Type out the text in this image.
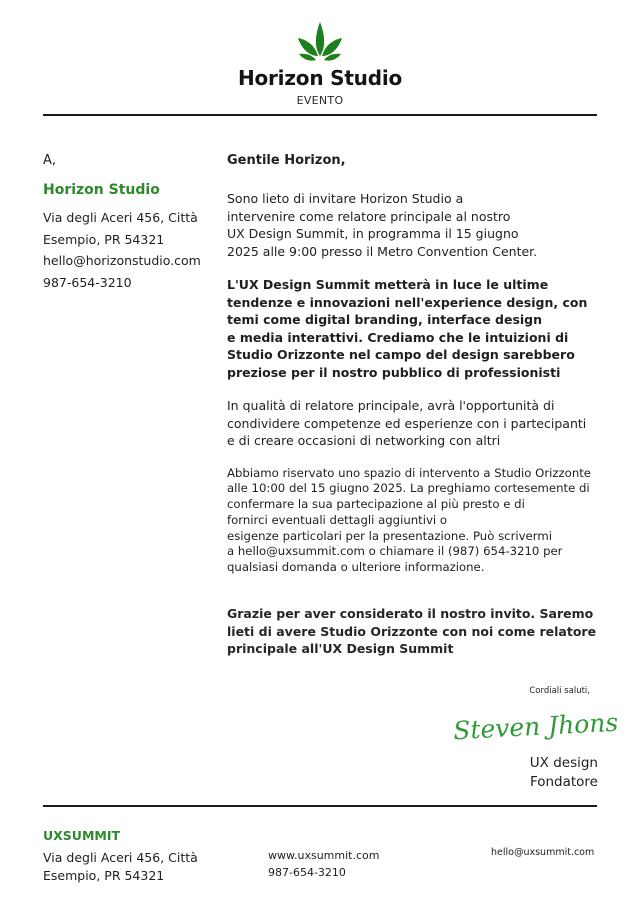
Horizon Studio
EVENTO
A,
Horizon Studio
Via degli Aceri 456, Città
Esempio, PR 54321
hello@horizonstudio.com
987-654-3210
Gentile Horizon,
Sono lieto di invitare Horizon Studio a
intervenire come relatore principale al nostro
UX Design Summit, in programma il 15 giugno
2025 alle 9:00 presso il Metro Convention Center.
L'UX Design Summit metterà in luce le ultime
tendenze e innovazioni nell'experience design, con
temi come digital branding, interface design
e media interattivi. Crediamo che le intuizioni di
Studio Orizzonte nel campo del design sarebbero
preziose per il nostro pubblico di professionisti
In qualità di relatore principale, avrà l'opportunità di
condividere competenze ed esperienze con i partecipanti
e di creare occasioni di networking con altri
Abbiamo riservato uno spazio di intervento a Studio Orizzonte
alle 10:00 del 15 giugno 2025. La preghiamo cortesemente di
confermare la sua partecipazione al più presto e di
fornirci eventuali dettagli aggiuntivi o
esigenze particolari per la presentazione. Può scrivermi
a hello@uxsummit.com o chiamare il (987) 654-3210 per
qualsiasi domanda o ulteriore informazione.
Grazie per aver considerato il nostro invito. Saremo
lieti di avere Studio Orizzonte con noi come relatore
principale all'UX Design Summit
Cordiali saluti,
Steven Jhons
UX design
Fondatore
UXSUMMIT
Via degli Aceri 456, Città
Esempio, PR 54321
www.uxsummit.com
987-654-3210
hello@uxsummit.com
